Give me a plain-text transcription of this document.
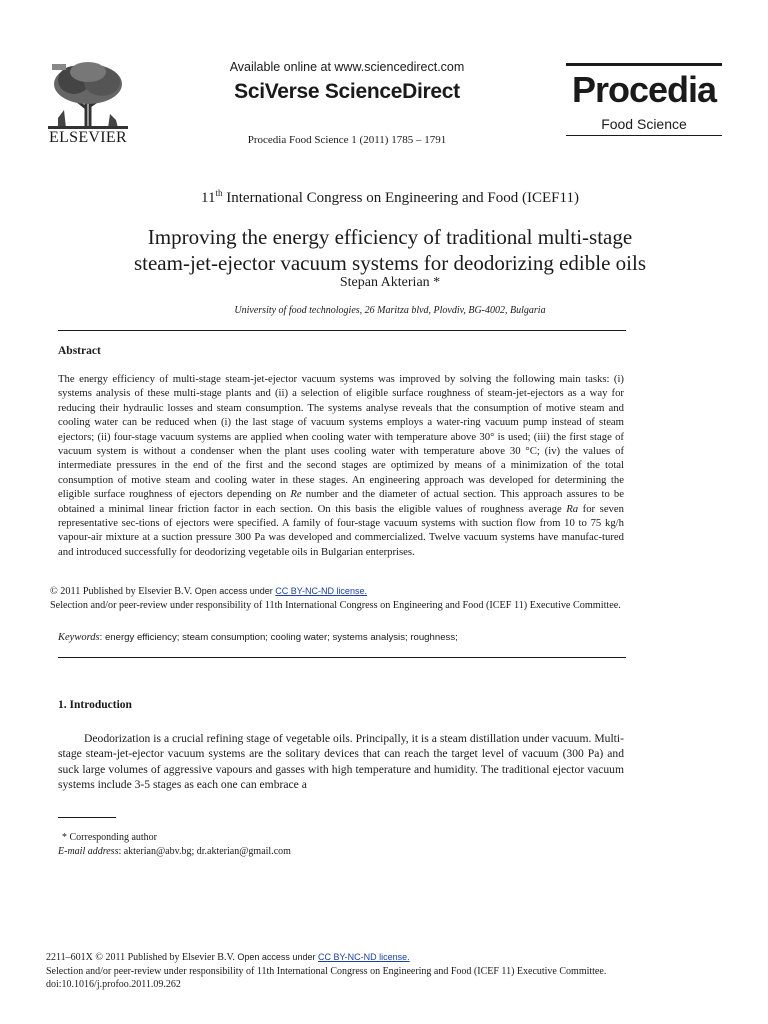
ELSEVIER
Available online at www.sciencedirect.com
SciVerse ScienceDirect
Procedia Food Science 1 (2011) 1785 – 1791
Procedia
Food Science
11th International Congress on Engineering and Food (ICEF11)
Improving the energy efficiency of traditional multi-stage
steam-jet-ejector vacuum systems for deodorizing edible oils
Stepan Akterian *
University of food technologies, 26 Maritza blvd, Plovdiv, BG-4002, Bulgaria
Abstract
The energy efficiency of multi-stage steam-jet-ejector vacuum systems was improved by solving the following main tasks: (i) systems analysis of these multi-stage plants and (ii) a selection of eligible surface roughness of steam-jet-ejectors as a way for reducing their hydraulic losses and steam consumption. The systems analyse reveals that the consumption of motive steam and cooling water can be reduced when (i) the last stage of vacuum systems employs a water-ring vacuum pump instead of steam ejectors; (ii) four-stage vacuum systems are applied when cooling water with temperature above 30° is used; (iii) the first stage of vacuum system is without a condenser when the plant uses cooling water with temperature above 30 °C; (iv) the values of intermediate pressures in the end of the first and the second stages are optimized by means of a minimization of the total consumption of motive steam and cooling water in these stages. An engineering approach was developed for determining the eligible surface roughness of ejectors depending on Re number and the diameter of actual section. This approach assures to be obtained a minimal linear friction factor in each section. On this basis the eligible values of roughness average Ra for seven representative sec-tions of ejectors were specified. A family of four-stage vacuum systems with suction flow from 10 to 75 kg/h vapour-air mixture at a suction pressure 300 Pa was developed and commercialized. Twelve vacuum systems have manufac-tured and introduced successfully for deodorizing vegetable oils in Bulgarian enterprises.
© 2011 Published by Elsevier B.V. Open access under CC BY-NC-ND license.
Selection and/or peer-review under responsibility of 11th International Congress on Engineering and Food (ICEF 11) Executive Committee.
Keywords: energy efficiency; steam consumption; cooling water; systems analysis; roughness;
1. Introduction
Deodorization is a crucial refining stage of vegetable oils. Principally, it is a steam distillation under vacuum. Multi-stage steam-jet-ejector vacuum systems are the solitary devices that can reach the target level of vacuum (300 Pa) and suck large volumes of aggressive vapours and gasses with high temperature and humidity. The traditional ejector vacuum systems include 3-5 stages as each one can embrace a
* Corresponding author
E-mail address: akterian@abv.bg; dr.akterian@gmail.com
2211–601X © 2011 Published by Elsevier B.V. Open access under CC BY-NC-ND license.
Selection and/or peer-review under responsibility of 11th International Congress on Engineering and Food (ICEF 11) Executive Committee.
doi:10.1016/j.profoo.2011.09.262
